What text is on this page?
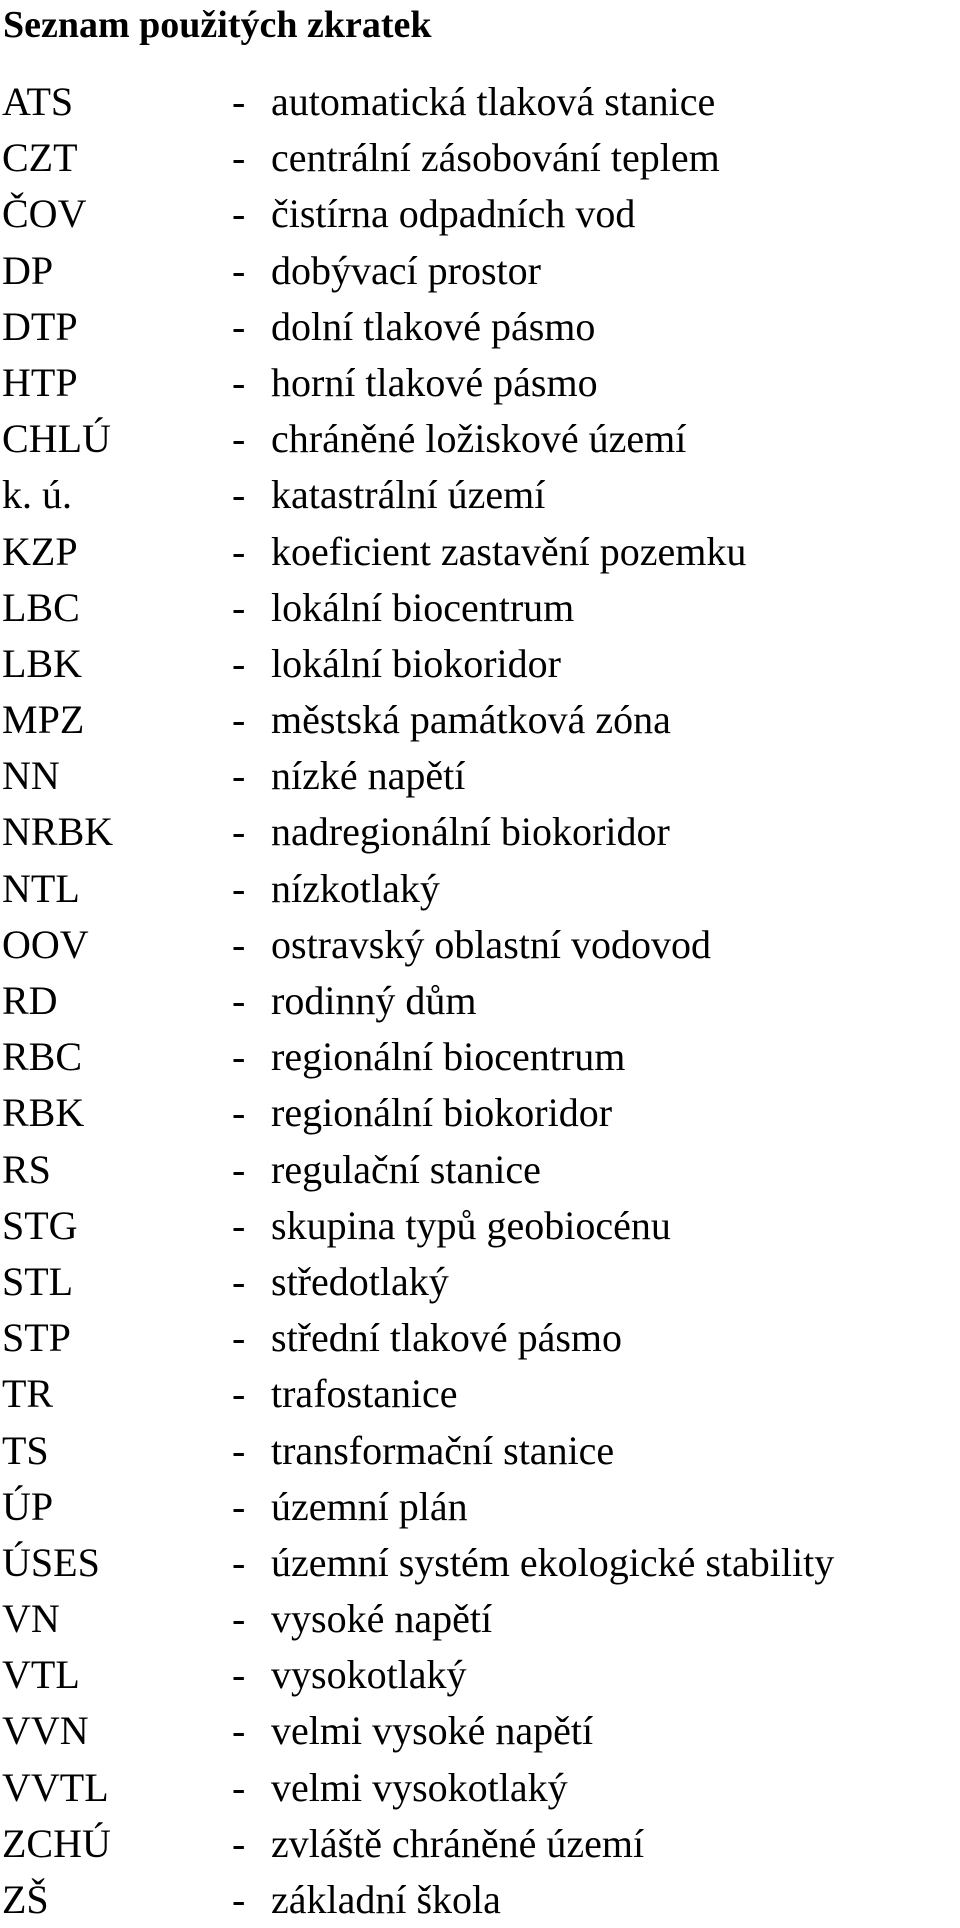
Seznam použitých zkratek
ATS	- automatická tlaková stanice
CZT	- centrální zásobování teplem
ČOV	- čistírna odpadních vod
DP	- dobývací prostor
DTP	- dolní tlakové pásmo
HTP	- horní tlakové pásmo
CHLÚ	- chráněné ložiskové území
k. ú.	- katastrální území
KZP	- koeficient zastavění pozemku
LBC	- lokální biocentrum
LBK	- lokální biokoridor
MPZ	- městská památková zóna
NN	- nízké napětí
NRBK	- nadregionální biokoridor
NTL	- nízkotlaký
OOV	- ostravský oblastní vodovod
RD	- rodinný dům
RBC	- regionální biocentrum
RBK	- regionální biokoridor
RS	- regulační stanice
STG	- skupina typů geobiocénu
STL	- středotlaký
STP	- střední tlakové pásmo
TR	- trafostanice
TS	- transformační stanice
ÚP	- územní plán
ÚSES	- územní systém ekologické stability
VN	- vysoké napětí
VTL	- vysokotlaký
VVN	- velmi vysoké napětí
VVTL	- velmi vysokotlaký
ZCHÚ	- zvláště chráněné území
ZŠ	- základní škola
